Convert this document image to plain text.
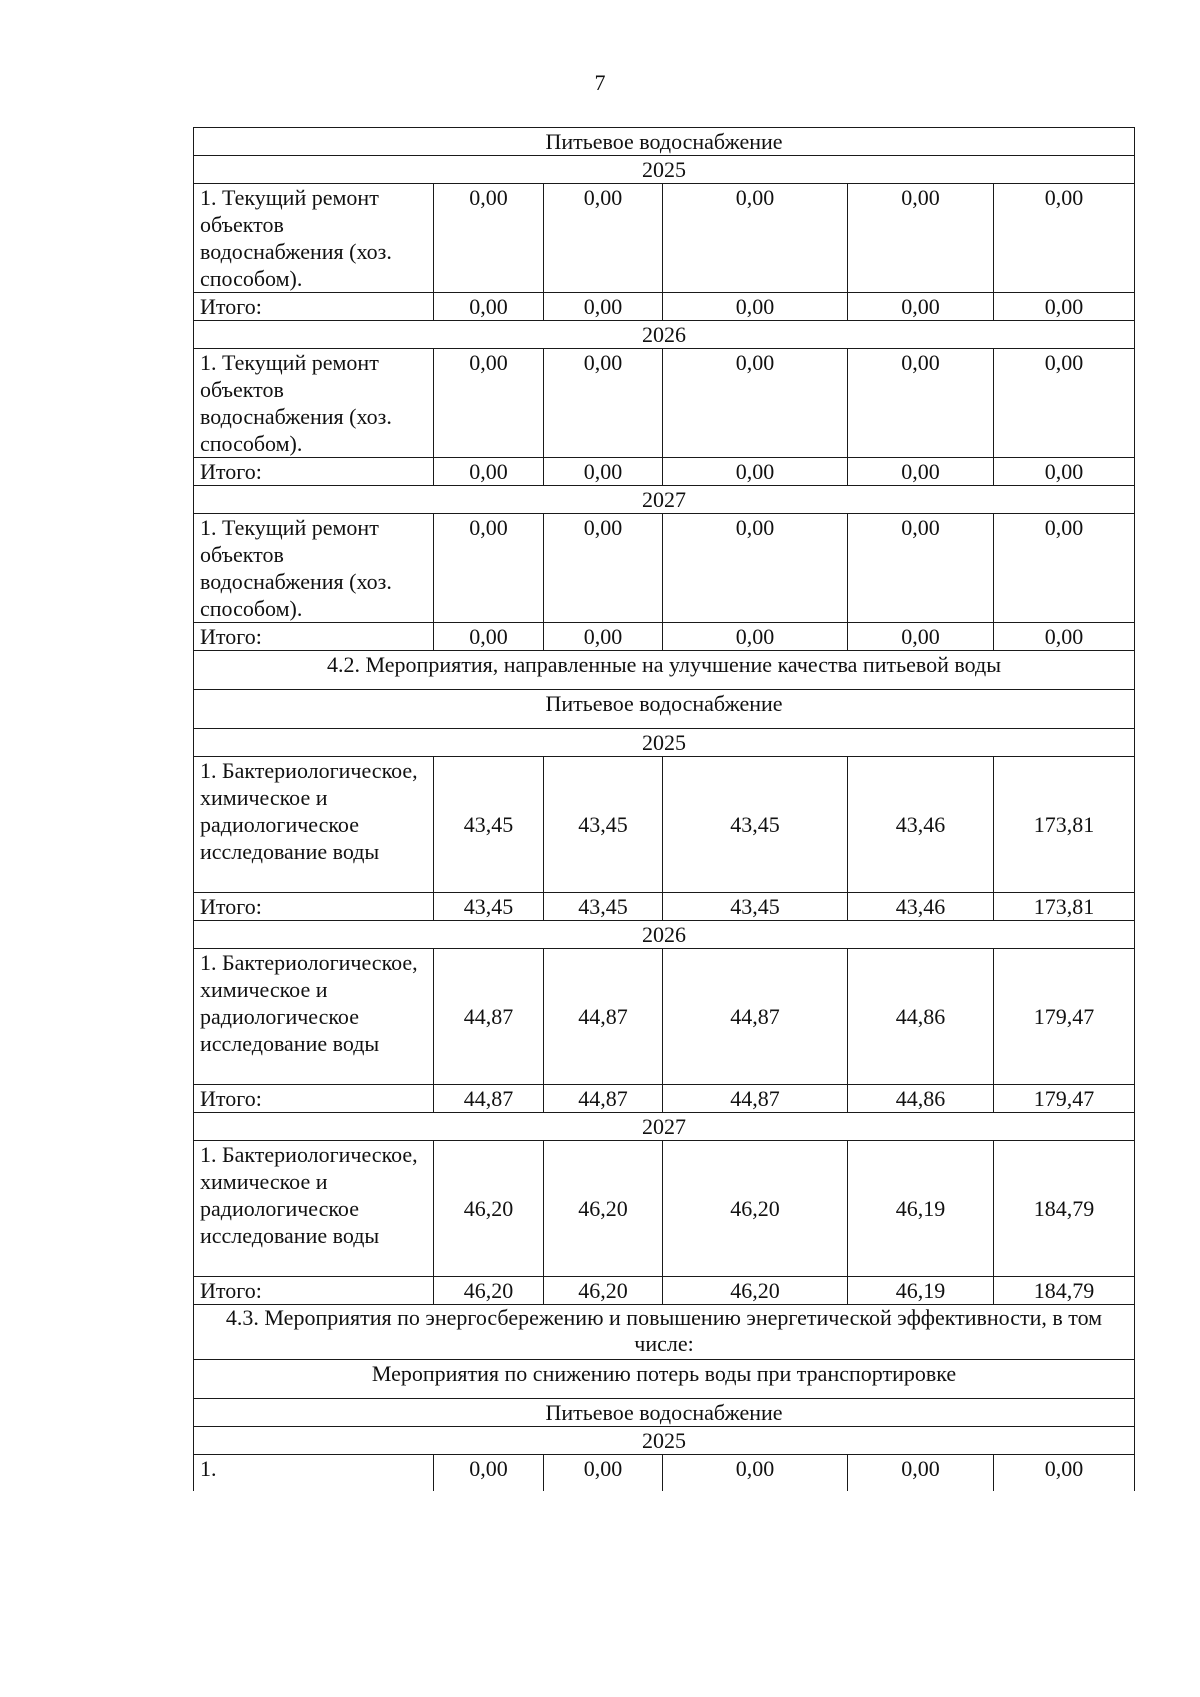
7
Питьевое водоснабжение					
2025					
1. Текущий ремонт объектов водоснабжения (хоз. способом).	0,00	0,00	0,00	0,00	0,00
Итого:	0,00	0,00	0,00	0,00	0,00
2026					
1. Текущий ремонт объектов водоснабжения (хоз. способом).	0,00	0,00	0,00	0,00	0,00
Итого:	0,00	0,00	0,00	0,00	0,00
2027					
1. Текущий ремонт объектов водоснабжения (хоз. способом).	0,00	0,00	0,00	0,00	0,00
Итого:	0,00	0,00	0,00	0,00	0,00
4.2. Мероприятия, направленные на улучшение качества питьевой воды					
Питьевое водоснабжение					
2025					
1. Бактериологическое, химическое и радиологическое исследование воды	43,45	43,45	43,45	43,46	173,81
Итого:	43,45	43,45	43,45	43,46	173,81
2026					
1. Бактериологическое, химическое и радиологическое исследование воды	44,87	44,87	44,87	44,86	179,47
Итого:	44,87	44,87	44,87	44,86	179,47
2027					
1. Бактериологическое, химическое и радиологическое исследование воды	46,20	46,20	46,20	46,19	184,79
Итого:	46,20	46,20	46,20	46,19	184,79
4.3. Мероприятия по энергосбережению и повышению энергетической эффективности, в том числе:					
Мероприятия по снижению потерь воды при транспортировке					
Питьевое водоснабжение					
2025					
1.	0,00	0,00	0,00	0,00	0,00
